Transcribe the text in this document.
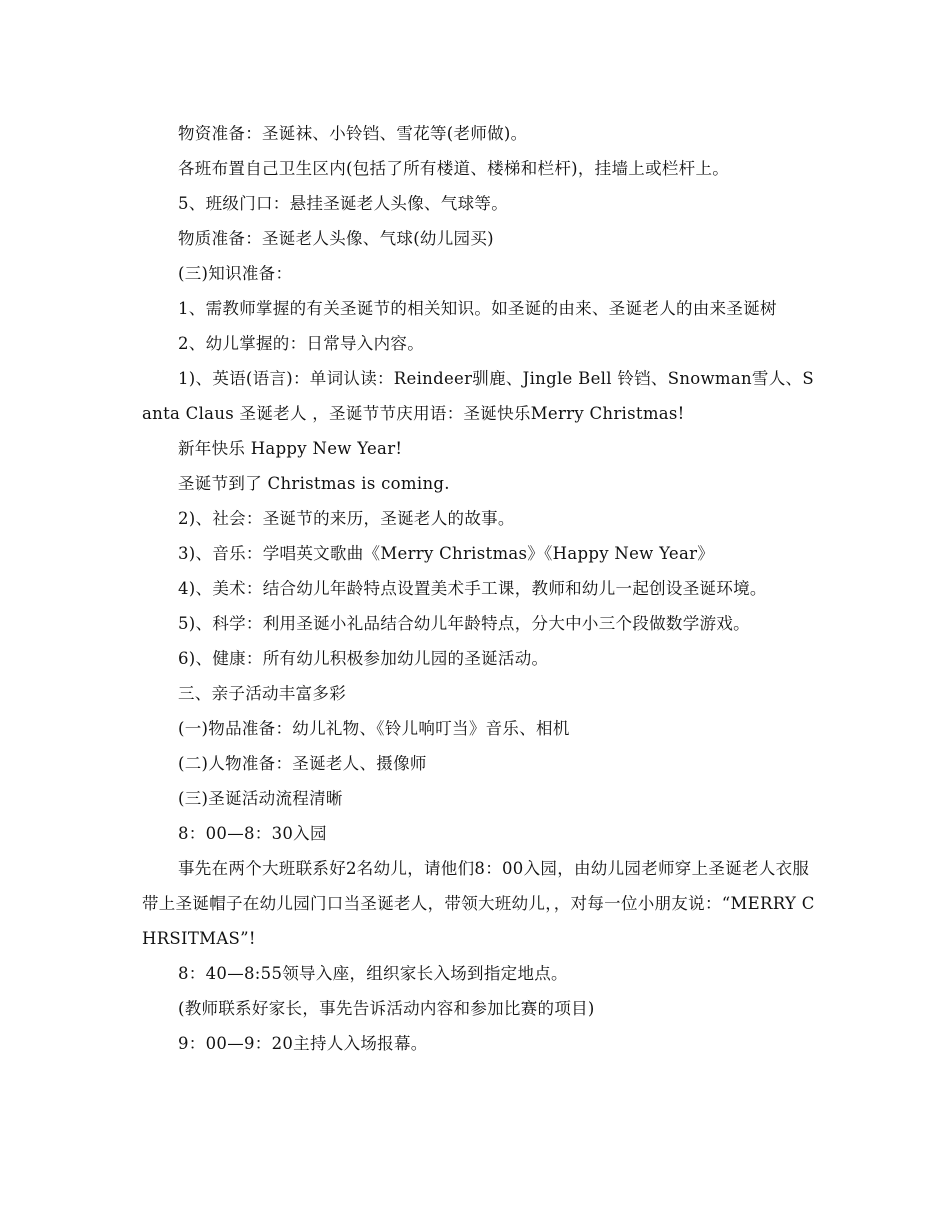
物资准备：圣诞袜、小铃铛、雪花等(老师做)。

各班布置自己卫生区内(包括了所有楼道、楼梯和栏杆)，挂墙上或栏杆上。

5、班级门口：悬挂圣诞老人头像、气球等。

物质准备：圣诞老人头像、气球(幼儿园买)

(三)知识准备：

1、需教师掌握的有关圣诞节的相关知识。如圣诞的由来、圣诞老人的由来圣诞树

2、幼儿掌握的：日常导入内容。

1)、英语(语言)：单词认读：Reindeer驯鹿、Jingle Bell 铃铛、Snowman雪人、Santa Claus 圣诞老人 ，圣诞节节庆用语：圣诞快乐Merry Christmas!

新年快乐 Happy New Year!

圣诞节到了 Christmas is coming.

2)、社会：圣诞节的来历，圣诞老人的故事。

3)、音乐：学唱英文歌曲《Merry Christmas》《Happy New Year》

4)、美术：结合幼儿年龄特点设置美术手工课，教师和幼儿一起创设圣诞环境。

5)、科学：利用圣诞小礼品结合幼儿年龄特点，分大中小三个段做数学游戏。

6)、健康：所有幼儿积极参加幼儿园的圣诞活动。

三、亲子活动丰富多彩

(一)物品准备：幼儿礼物、《铃儿响叮当》音乐、相机

(二)人物准备：圣诞老人、摄像师

(三)圣诞活动流程清晰

8：00—8：30入园

事先在两个大班联系好2名幼儿，请他们8：00入园，由幼儿园老师穿上圣诞老人衣服带上圣诞帽子在幼儿园门口当圣诞老人，带领大班幼儿，，对每一位小朋友说：“MERRY CHRSITMAS”!

8：40—8:55领导入座，组织家长入场到指定地点。

(教师联系好家长，事先告诉活动内容和参加比赛的项目)

9：00—9：20主持人入场报幕。
